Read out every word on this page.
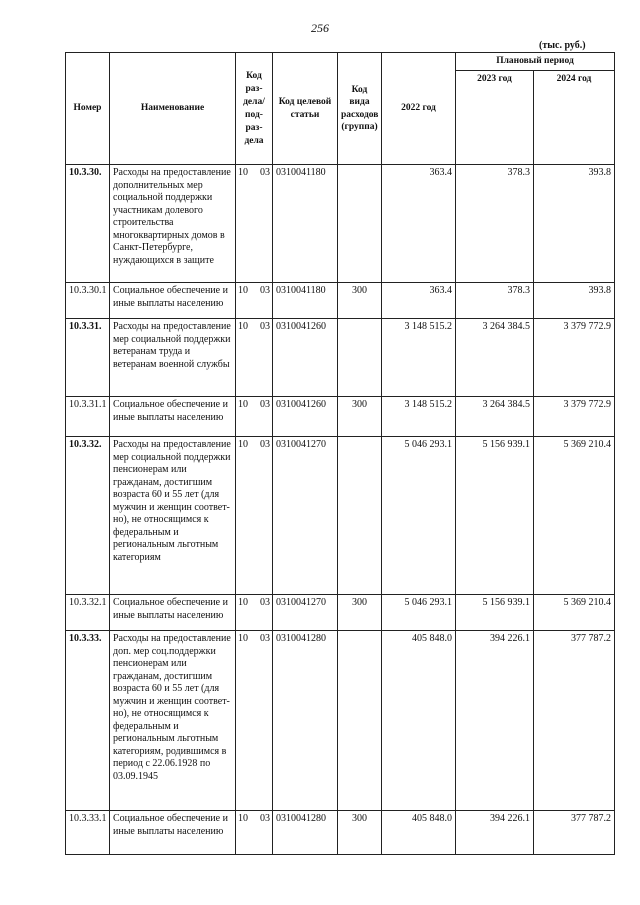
256
(тыс. руб.)
Номер	Наименование	Код раз-дела/ под-раз-дела	Код целевой статьи	Код вида расходов (группа)	2022 год	Плановый период	
						2023 год	2024 год
10.3.30.	Расходы на предоставление дополнительных мер социальной поддержки участникам долевого строительства многоквартирных домов в Санкт-Петербурге, нуждающихся в защите	10 03	0310041180		363.4	378.3	393.8
10.3.30.1	Социальное обеспечение и иные выплаты населению	10 03	0310041180	300	363.4	378.3	393.8
10.3.31.	Расходы на предоставление мер социальной поддержки ветеранам труда и ветеранам военной службы	10 03	0310041260		3 148 515.2	3 264 384.5	3 379 772.9
10.3.31.1	Социальное обеспечение и иные выплаты населению	10 03	0310041260	300	3 148 515.2	3 264 384.5	3 379 772.9
10.3.32.	Расходы на предоставление мер социальной поддержки пенсионерам или гражданам, достигшим возраста 60 и 55 лет (для мужчин и женщин соответ-но), не относящимся к федеральным и региональным льготным категориям	10 03	0310041270		5 046 293.1	5 156 939.1	5 369 210.4
10.3.32.1	Социальное обеспечение и иные выплаты населению	10 03	0310041270	300	5 046 293.1	5 156 939.1	5 369 210.4
10.3.33.	Расходы на предоставление доп. мер соц.поддержки пенсионерам или гражданам, достигшим возраста 60 и 55 лет (для мужчин и женщин соответ-но), не относящимся к федеральным и региональным льготным категориям, родившимся в период с 22.06.1928 по 03.09.1945	10 03	0310041280		405 848.0	394 226.1	377 787.2
10.3.33.1	Социальное обеспечение и иные выплаты населению	10 03	0310041280	300	405 848.0	394 226.1	377 787.2
